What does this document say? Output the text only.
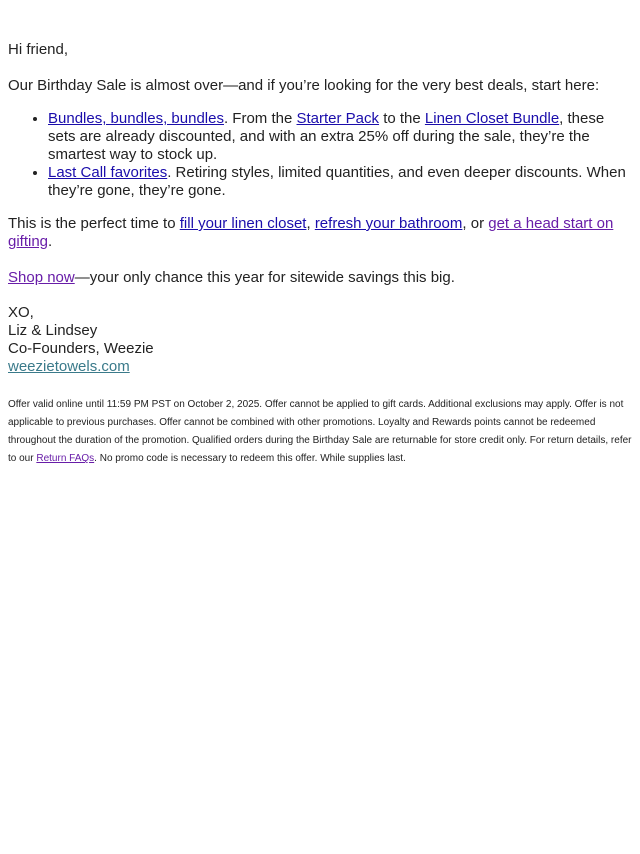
Hi friend,

Our Birthday Sale is almost over—and if you’re looking for the very best deals, start here:

• Bundles, bundles, bundles. From the Starter Pack to the Linen Closet Bundle, these sets are already discounted, and with an extra 25% off during the sale, they’re the smartest way to stock up.
• Last Call favorites. Retiring styles, limited quantities, and even deeper discounts. When they’re gone, they’re gone.

This is the perfect time to fill your linen closet, refresh your bathroom, or get a head start on gifting.

Shop now—your only chance this year for sitewide savings this big.

XO,
Liz & Lindsey
Co-Founders, Weezie
weezietowels.com

Offer valid online until 11:59 PM PST on October 2, 2025. Offer cannot be applied to gift cards. Additional exclusions may apply. Offer is not applicable to previous purchases. Offer cannot be combined with other promotions. Loyalty and Rewards points cannot be redeemed throughout the duration of the promotion. Qualified orders during the Birthday Sale are returnable for store credit only. For return details, refer to our Return FAQs. No promo code is necessary to redeem this offer. While supplies last.
